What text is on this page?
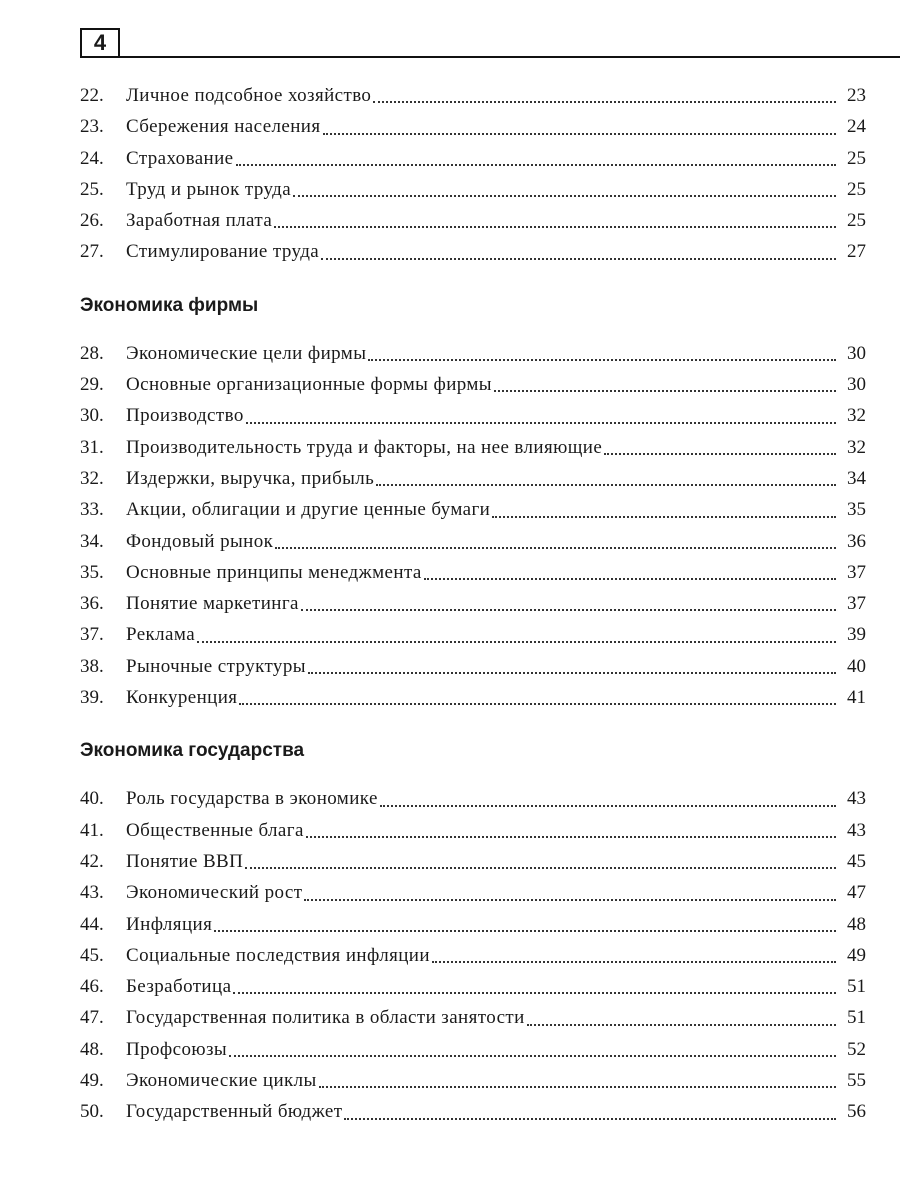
4
22.	Личное подсобное хозяйство	23
23.	Сбережения населения	24
24.	Страхование	25
25.	Труд и рынок труда	25
26.	Заработная плата	25
27.	Стимулирование труда	27
Экономика фирмы
28.	Экономические цели фирмы	30
29.	Основные организационные формы фирмы	30
30.	Производство	32
31.	Производительность труда и факторы, на нее влияющие	32
32.	Издержки, выручка, прибыль	34
33.	Акции, облигации и другие ценные бумаги	35
34.	Фондовый рынок	36
35.	Основные принципы менеджмента	37
36.	Понятие маркетинга	37
37.	Реклама	39
38.	Рыночные структуры	40
39.	Конкуренция	41
Экономика государства
40.	Роль государства в экономике	43
41.	Общественные блага	43
42.	Понятие ВВП	45
43.	Экономический рост	47
44.	Инфляция	48
45.	Социальные последствия инфляции	49
46.	Безработица	51
47.	Государственная политика в области занятости	51
48.	Профсоюзы	52
49.	Экономические циклы	55
50.	Государственный бюджет	56
